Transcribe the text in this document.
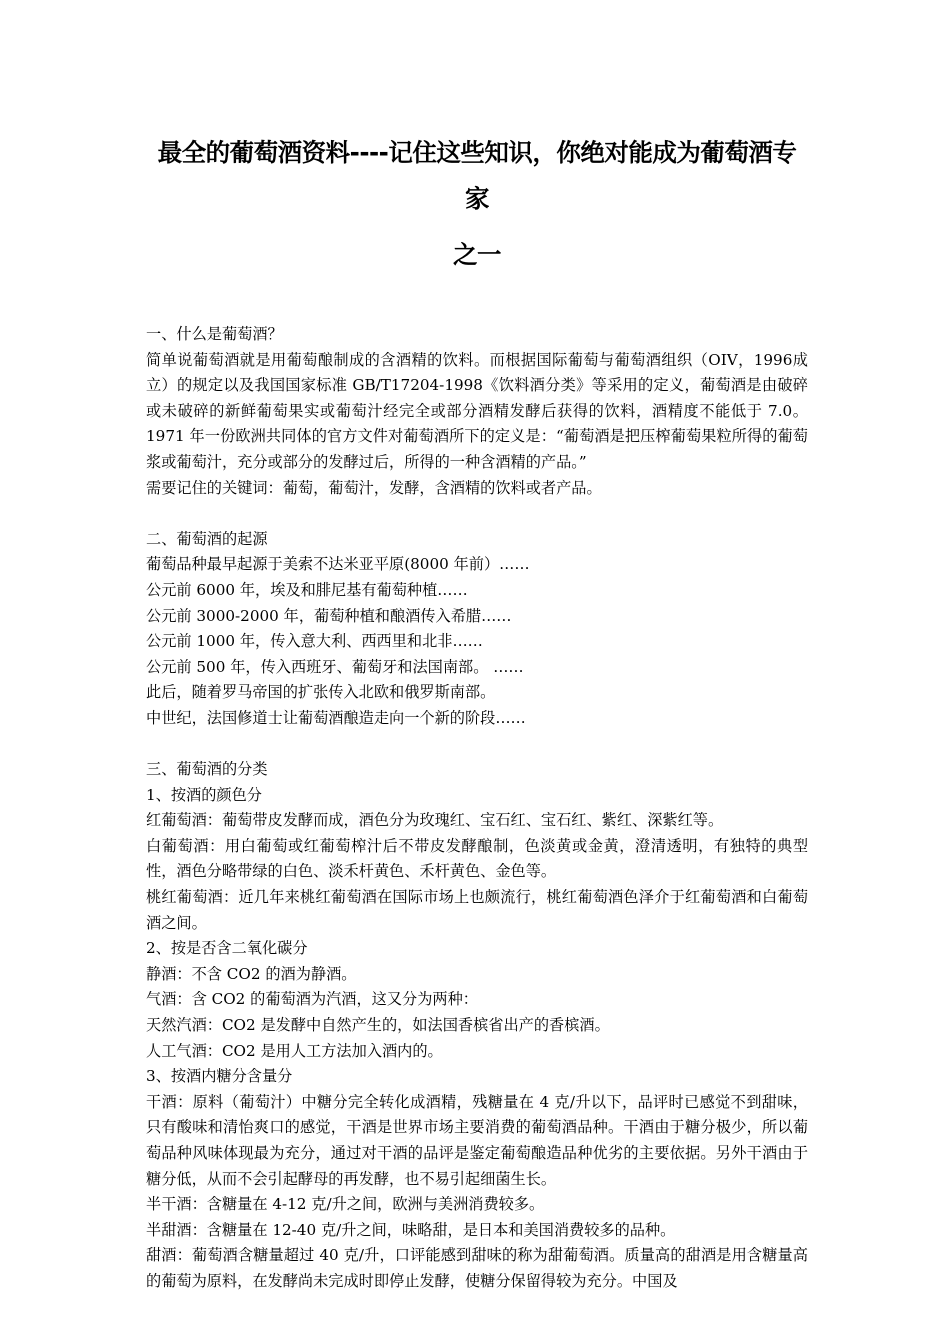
最全的葡萄酒资料----记住这些知识，你绝对能成为葡萄酒专家
之一

一、什么是葡萄酒？

简单说葡萄酒就是用葡萄酿制成的含酒精的饮料。而根据国际葡萄与葡萄酒组织（OIV，1996成立）的规定以及我国国家标准 GB/T17204-1998《饮料酒分类》等采用的定义，葡萄酒是由破碎或未破碎的新鲜葡萄果实或葡萄汁经完全或部分酒精发酵后获得的饮料，酒精度不能低于 7.0。1971 年一份欧洲共同体的官方文件对葡萄酒所下的定义是：“葡萄酒是把压榨葡萄果粒所得的葡萄浆或葡萄汁，充分或部分的发酵过后，所得的一种含酒精的产品。”

需要记住的关键词：葡萄，葡萄汁，发酵，含酒精的饮料或者产品。

二、葡萄酒的起源

葡萄品种最早起源于美索不达米亚平原(8000 年前）……

公元前 6000 年，埃及和腓尼基有葡萄种植……

公元前 3000-2000 年，葡萄种植和酿酒传入希腊……

公元前 1000 年，传入意大利、西西里和北非……

公元前 500 年，传入西班牙、葡萄牙和法国南部。 ……

此后，随着罗马帝国的扩张传入北欧和俄罗斯南部。

中世纪，法国修道士让葡萄酒酿造走向一个新的阶段……

三、葡萄酒的分类

1、按酒的颜色分

红葡萄酒：葡萄带皮发酵而成，酒色分为玫瑰红、宝石红、宝石红、紫红、深紫红等。

白葡萄酒：用白葡萄或红葡萄榨汁后不带皮发酵酿制，色淡黄或金黄，澄清透明，有独特的典型性，酒色分略带绿的白色、淡禾杆黄色、禾杆黄色、金色等。

桃红葡萄酒：近几年来桃红葡萄酒在国际市场上也颇流行，桃红葡萄酒色泽介于红葡萄酒和白葡萄酒之间。

2、按是否含二氧化碳分

静酒：不含 CO2 的酒为静酒。

气酒：含 CO2 的葡萄酒为汽酒，这又分为两种：

天然汽酒：CO2 是发酵中自然产生的，如法国香槟省出产的香槟酒。

人工气酒：CO2 是用人工方法加入酒内的。

3、按酒内糖分含量分

干酒：原料（葡萄汁）中糖分完全转化成酒精，残糖量在 4 克/升以下，品评时已感觉不到甜味，只有酸味和清怡爽口的感觉，干酒是世界市场主要消费的葡萄酒品种。干酒由于糖分极少，所以葡萄品种风味体现最为充分，通过对干酒的品评是鉴定葡萄酿造品种优劣的主要依据。另外干酒由于糖分低，从而不会引起酵母的再发酵，也不易引起细菌生长。

半干酒：含糖量在 4-12 克/升之间，欧洲与美洲消费较多。

半甜酒：含糖量在 12-40 克/升之间，味略甜，是日本和美国消费较多的品种。

甜酒：葡萄酒含糖量超过 40 克/升，口评能感到甜味的称为甜葡萄酒。质量高的甜酒是用含糖量高的葡萄为原料，在发酵尚未完成时即停止发酵，使糖分保留得较为充分。中国及
